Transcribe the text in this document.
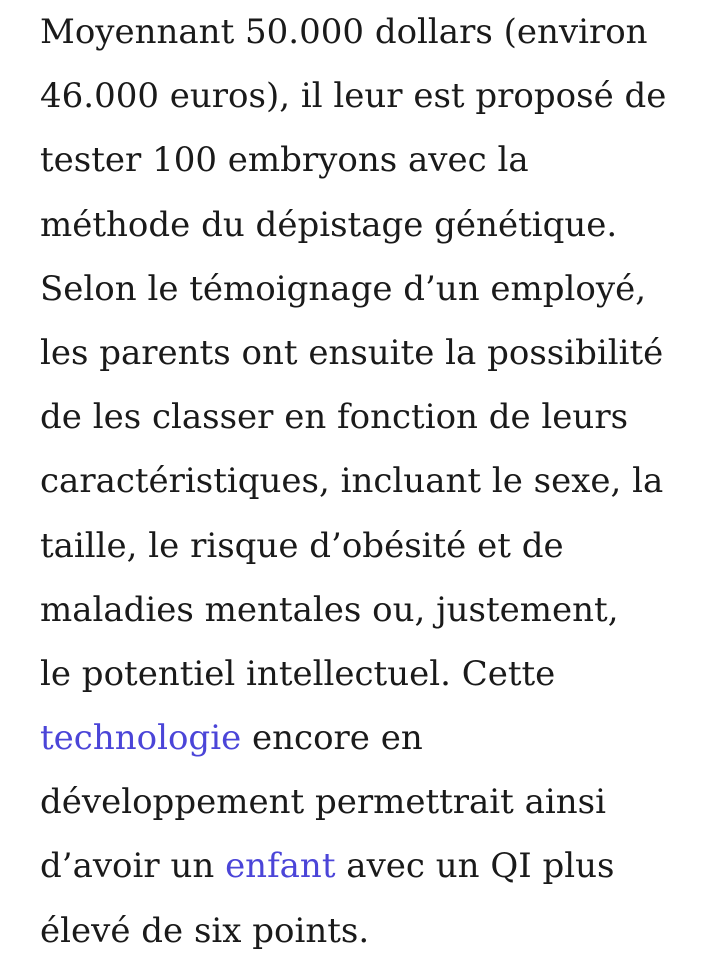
Moyennant 50.000 dollars (environ
46.000 euros), il leur est proposé de
tester 100 embryons avec la
méthode du dépistage génétique.
Selon le témoignage d’un employé,
les parents ont ensuite la possibilité
de les classer en fonction de leurs
caractéristiques, incluant le sexe, la
taille, le risque d’obésité et de
maladies mentales ou, justement,
le potentiel intellectuel. Cette
technologie encore en
développement permettrait ainsi
d’avoir un enfant avec un QI plus
élevé de six points.
